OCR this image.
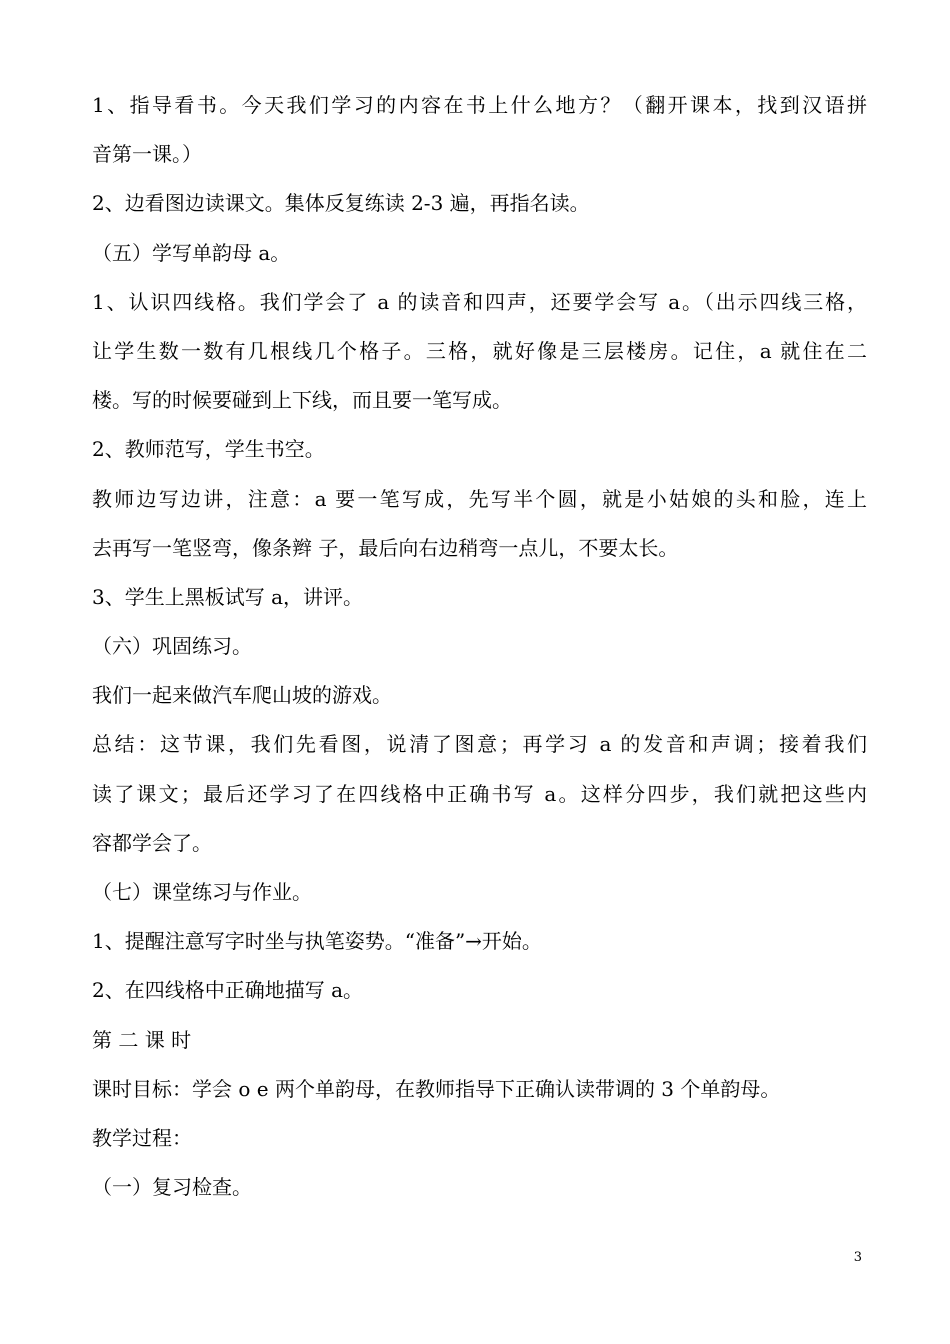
1、指导看书。今天我们学习的内容在书上什么地方？（翻开课本，找到汉语拼
音第一课。）
2、边看图边读课文。集体反复练读 2-3 遍，再指名读。
（五）学写单韵母 a。
1、认识四线格。我们学会了 a 的读音和四声，还要学会写 a。（出示四线三格，
让学生数一数有几根线几个格子。三格，就好像是三层楼房。记住，a 就住在二
楼。写的时候要碰到上下线，而且要一笔写成。
2、教师范写，学生书空。
教师边写边讲，注意：a 要一笔写成，先写半个圆，就是小姑娘的头和脸，连上
去再写一笔竖弯，像条辫 子，最后向右边稍弯一点儿，不要太长。
3、学生上黑板试写 a，讲评。
（六）巩固练习。
我们一起来做汽车爬山坡的游戏。
总结：这节课，我们先看图，说清了图意；再学习 a 的发音和声调；接着我们
读了课文；最后还学习了在四线格中正确书写 a。这样分四步，我们就把这些内
容都学会了。
（七）课堂练习与作业。
1、提醒注意写字时坐与执笔姿势。“准备”→开始。
2、在四线格中正确地描写 a。
第 二 课 时
课时目标：学会 o e 两个单韵母，在教师指导下正确认读带调的 3 个单韵母。
教学过程：
（一）复习检查。
3
